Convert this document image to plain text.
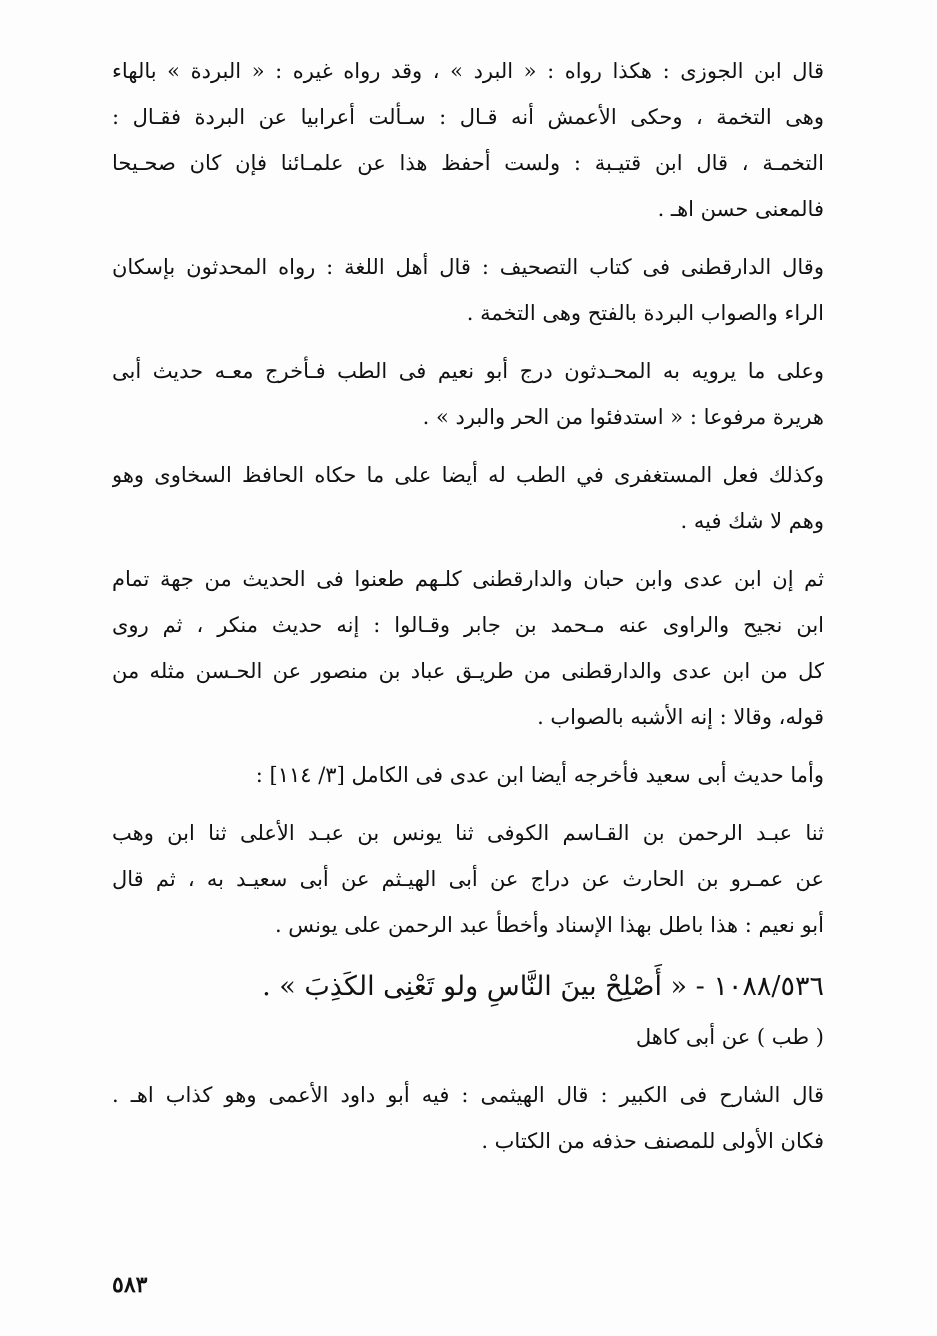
قال ابن الجوزى : هكذا رواه : « البرد » ، وقد رواه غيره : « البردة » بالهاء
وهى التخمة ، وحكى الأعمش أنه قـال : سـألت أعرابيا عن البردة فقـال :
التخمـة ، قال ابن قتيـبة : ولست أحفظ هذا عن علمـائنا فإن كان صحـيحا
فالمعنى حسن اهـ .
وقال الدارقطنى فى كتاب التصحيف : قال أهل اللغة : رواه المحدثون بإسكان
الراء والصواب البردة بالفتح وهى التخمة .
وعلى ما يرويه به المحـدثون درج أبو نعيم فى الطب فـأخرج معـه حديث أبى
هريرة مرفوعا : « استدفئوا من الحر والبرد » .
وكذلك فعل المستغفرى في الطب له أيضا على ما حكاه الحافظ السخاوى وهو
وهم لا شك فيه .
ثم إن ابن عدى وابن حبان والدارقطنى كلـهم طعنوا فى الحديث من جهة تمام
ابن نجيح والراوى عنه مـحمد بن جابر وقـالوا : إنه حديث منكر ، ثم روى
كل من ابن عدى والدارقطنى من طريـق عباد بن منصور عن الحـسن مثله من
قوله، وقالا : إنه الأشبه بالصواب .
وأما حديث أبى سعيد فأخرجه أيضا ابن عدى فى الكامل [٣/ ١١٤] :
ثنا عبـد الرحمن بن القـاسم الكوفى ثنا يونس بن عبـد الأعلى ثنا ابن وهب
عن عمـرو بن الحارث عن دراج عن أبى الهيـثم عن أبى سعيـد به ، ثم قال
أبو نعيم : هذا باطل بهذا الإسناد وأخطأ عبد الرحمن على يونس .
١٠٨٨/٥٣٦ - « أَصْلِحْ بينَ النَّاسِ ولو تَعْنِى الكَذِبَ » .
( طب ) عن أبى كاهل
قال الشارح فى الكبير : قال الهيثمى : فيه أبو داود الأعمى وهو كذاب اهـ .
فكان الأولى للمصنف حذفه من الكتاب .
٥٨٣
